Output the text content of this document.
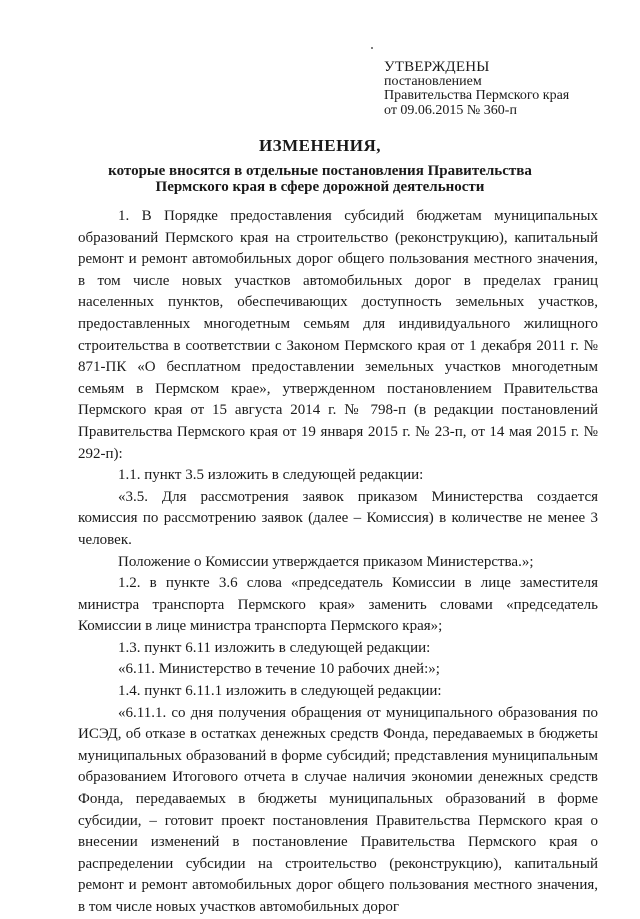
УТВЕРЖДЕНЫ
постановлением
Правительства Пермского края
от 09.06.2015 № 360-п
ИЗМЕНЕНИЯ,
которые вносятся в отдельные постановления Правительства
Пермского края в сфере дорожной деятельности

1. В Порядке предоставления субсидий бюджетам муниципальных образований Пермского края на строительство (реконструкцию), капитальный ремонт и ремонт автомобильных дорог общего пользования местного значения, в том числе новых участков автомобильных дорог в пределах границ населенных пунктов, обеспечивающих доступность земельных участков, предоставленных многодетным семьям для индивидуального жилищного строительства в соответствии с Законом Пермского края от 1 декабря 2011 г. № 871-ПК «О бесплатном предоставлении земельных участков многодетным семьям в Пермском крае», утвержденном постановлением Правительства Пермского края от 15 августа 2014 г. № 798-п (в редакции постановлений Правительства Пермского края от 19 января 2015 г. № 23-п, от 14 мая 2015 г. № 292-п):

1.1. пункт 3.5 изложить в следующей редакции:

«3.5. Для рассмотрения заявок приказом Министерства создается комиссия по рассмотрению заявок (далее – Комиссия) в количестве не менее 3 человек.

Положение о Комиссии утверждается приказом Министерства.»;

1.2. в пункте 3.6 слова «председатель Комиссии в лице заместителя министра транспорта Пермского края» заменить словами «председатель Комиссии в лице министра транспорта Пермского края»;

1.3. пункт 6.11 изложить в следующей редакции:

«6.11. Министерство в течение 10 рабочих дней:»;

1.4. пункт 6.11.1 изложить в следующей редакции:

«6.11.1. со дня получения обращения от муниципального образования по ИСЭД, об отказе в остатках денежных средств Фонда, передаваемых в бюджеты муниципальных образований в форме субсидий; представления муниципальным образованием Итогового отчета в случае наличия экономии денежных средств Фонда, передаваемых в бюджеты муниципальных образований в форме субсидии, – готовит проект постановления Правительства Пермского края о внесении изменений в постановление Правительства Пермского края о распределении субсидии на строительство (реконструкцию), капитальный ремонт и ремонт автомобильных дорог общего пользования местного значения, в том числе новых участков автомобильных дорог
